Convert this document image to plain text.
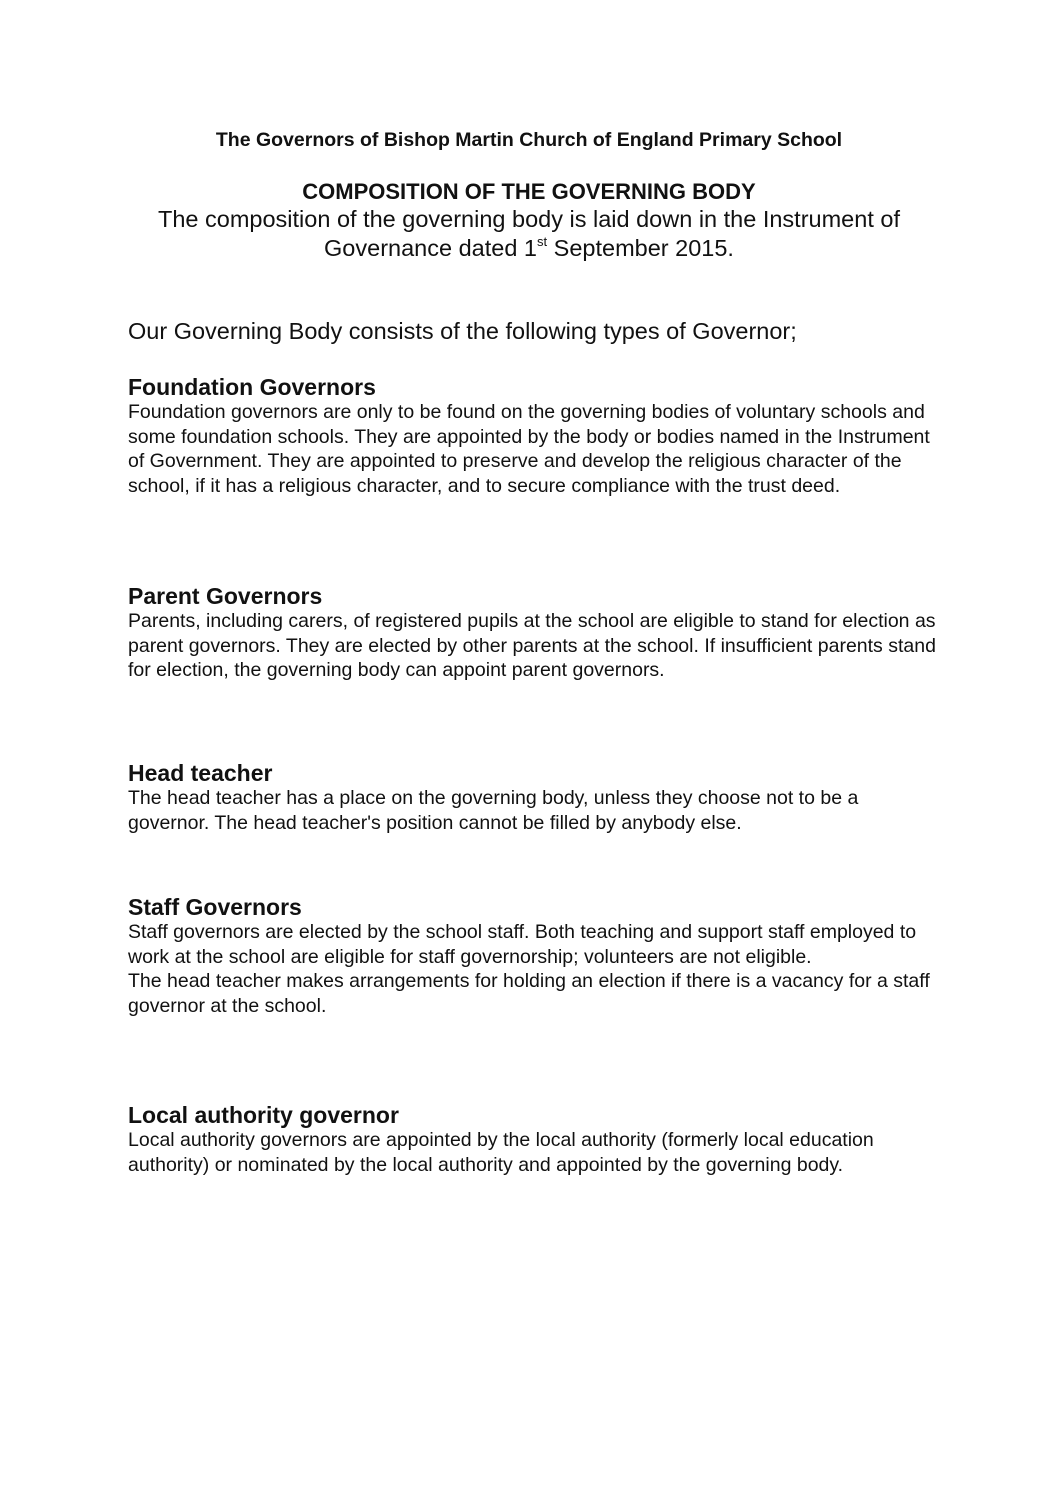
The Governors of Bishop Martin Church of England Primary School
COMPOSITION OF THE GOVERNING BODY
The composition of the governing body is laid down in the Instrument of Governance dated 1st September 2015.
Our Governing Body consists of the following types of Governor;
Foundation Governors

Foundation governors are only to be found on the governing bodies of voluntary schools and some foundation schools. They are appointed by the body or bodies named in the Instrument of Government. They are appointed to preserve and develop the religious character of the school, if it has a religious character, and to secure compliance with the trust deed.

Parent Governors

Parents, including carers, of registered pupils at the school are eligible to stand for election as parent governors. They are elected by other parents at the school. If insufficient parents stand for election, the governing body can appoint parent governors.

Head teacher

The head teacher has a place on the governing body, unless they choose not to be a governor. The head teacher's position cannot be filled by anybody else.

Staff Governors

Staff governors are elected by the school staff. Both teaching and support staff employed to work at the school are eligible for staff governorship; volunteers are not eligible.

The head teacher makes arrangements for holding an election if there is a vacancy for a staff governor at the school.

Local authority governor

Local authority governors are appointed by the local authority (formerly local education authority) or nominated by the local authority and appointed by the governing body.
